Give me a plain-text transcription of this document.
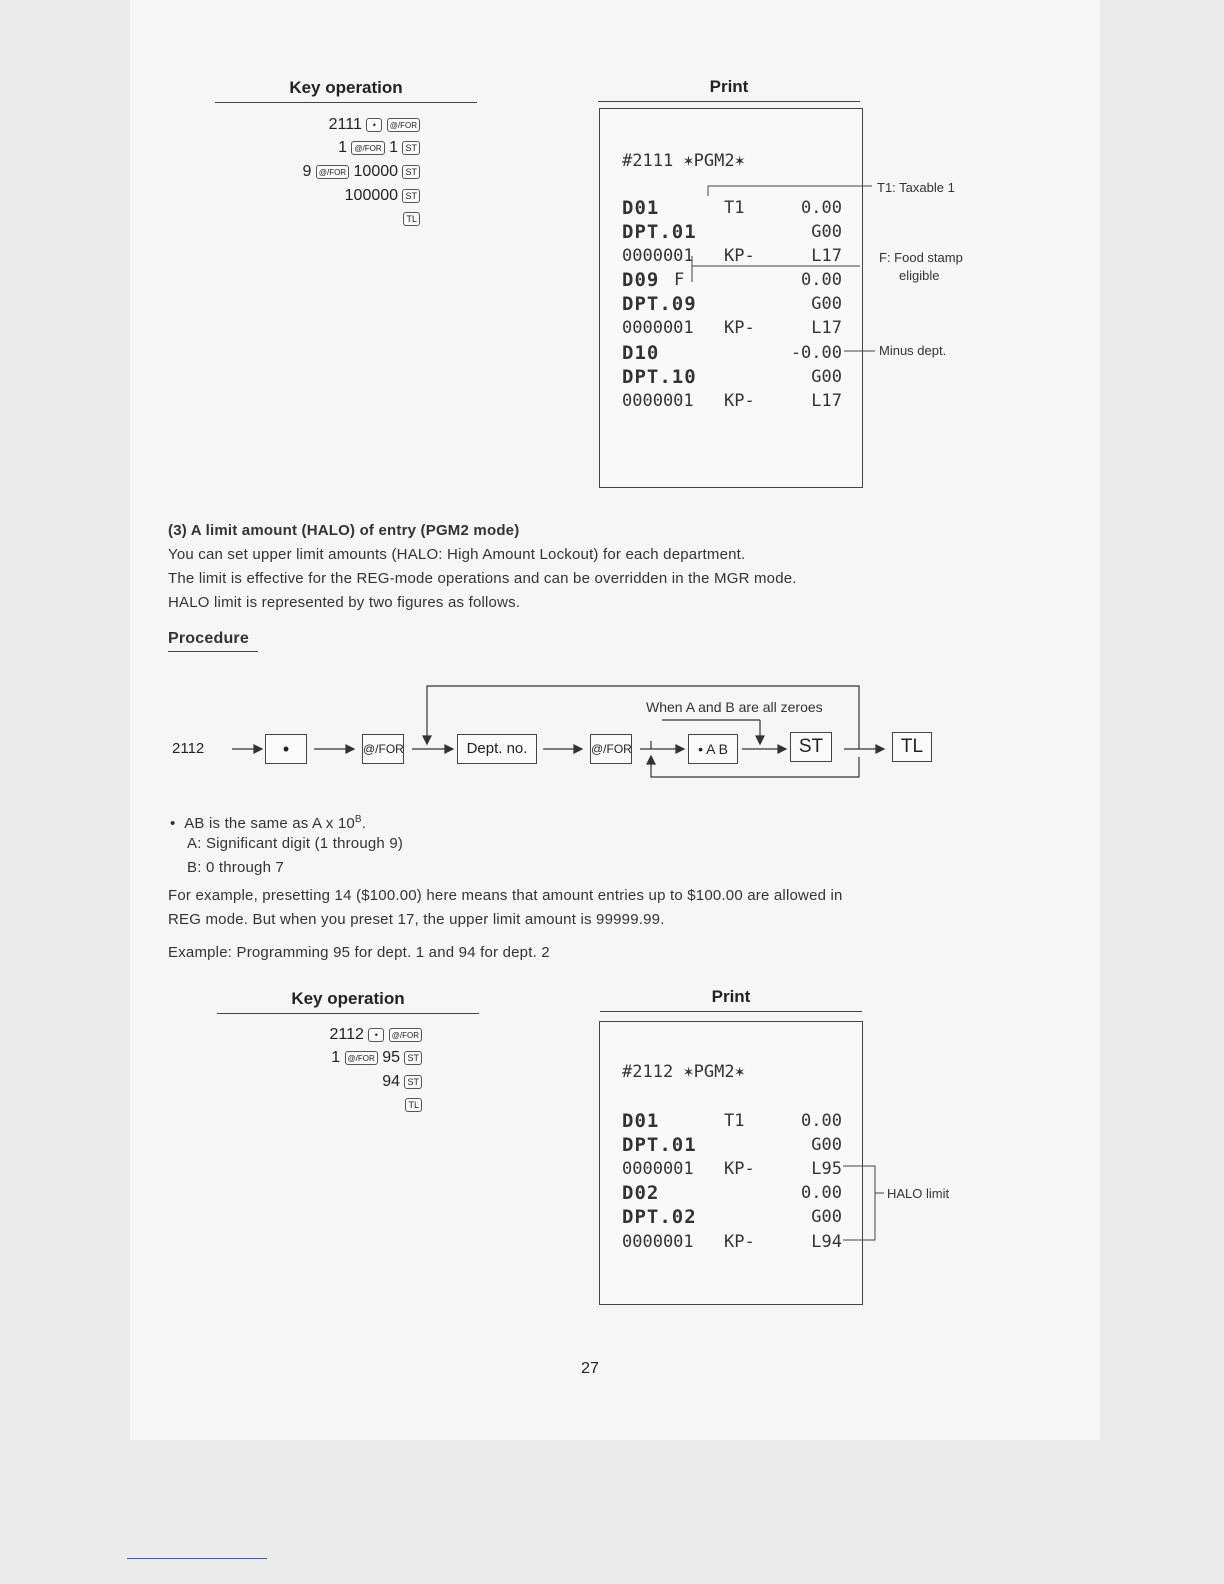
Key operation	Print
2111 • @/FOR
1 @/FOR 1 ST
9 @/FOR 10000 ST
100000 ST
TL
#2111 ✶PGM2✶
D01	T1	0.00
DPT.01	G00
0000001 KP-	L17
D09 F	0.00
DPT.09	G00
0000001 KP-	L17
D10	-0.00
DPT.10	G00
0000001 KP-	L17
T1: Taxable 1
F: Food stamp
eligible
Minus dept.
(3) A limit amount (HALO) of entry (PGM2 mode)
You can set upper limit amounts (HALO: High Amount Lockout) for each department.
The limit is effective for the REG-mode operations and can be overridden in the MGR mode.
HALO limit is represented by two figures as follows.
Procedure
2112	•	@/FOR	Dept. no.	@/FOR	• A B	ST	TL
When A and B are all zeroes
•  AB is the same as A x $10^B$.
A: Significant digit (1 through 9)
B: 0 through 7
For example, presetting 14 ($100.00) here means that amount entries up to $100.00 are allowed in
REG mode. But when you preset 17, the upper limit amount is 99999.99.
Example: Programming 95 for dept. 1 and 94 for dept. 2
Key operation	Print
2112 • @/FOR
1 @/FOR 95 ST
94 ST
TL
#2112 ✶PGM2✶
D01	T1	0.00
DPT.01	G00
0000001 KP-	L95
D02	0.00
DPT.02	G00
0000001 KP-	L94
HALO limit
27
